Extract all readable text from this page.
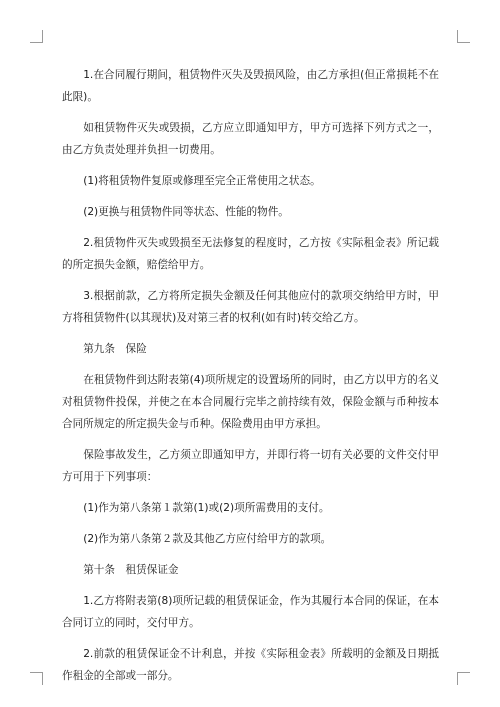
1.在合同履行期间，租赁物件灭失及毁损风险，由乙方承担(但正常损耗不在此限)。

如租赁物件灭失或毁损，乙方应立即通知甲方，甲方可选择下列方式之一，由乙方负责处理并负担一切费用。

(1)将租赁物件复原或修理至完全正常使用之状态。

(2)更换与租赁物件同等状态、性能的物件。

2.租赁物件灭失或毁损至无法修复的程度时，乙方按《实际租金表》所记载的所定损失金额，赔偿给甲方。

3.根据前款，乙方将所定损失金额及任何其他应付的款项交纳给甲方时，甲方将租赁物件(以其现状)及对第三者的权利(如有时)转交给乙方。

第九条　保险

在租赁物件到达附表第(4)项所规定的设置场所的同时，由乙方以甲方的名义对租赁物件投保，并使之在本合同履行完毕之前持续有效，保险金额与币种按本合同所规定的所定损失金与币种。保险费用由甲方承担。

保险事故发生，乙方须立即通知甲方，并即行将一切有关必要的文件交付甲方可用于下列事项：

(1)作为第八条第１款第(1)或(2)项所需费用的支付。

(2)作为第八条第２款及其他乙方应付给甲方的款项。

第十条　租赁保证金

1.乙方将附表第(8)项所记载的租赁保证金，作为其履行本合同的保证，在本合同订立的同时，交付甲方。

2.前款的租赁保证金不计利息，并按《实际租金表》所载明的金额及日期抵作租金的全部或一部分。
